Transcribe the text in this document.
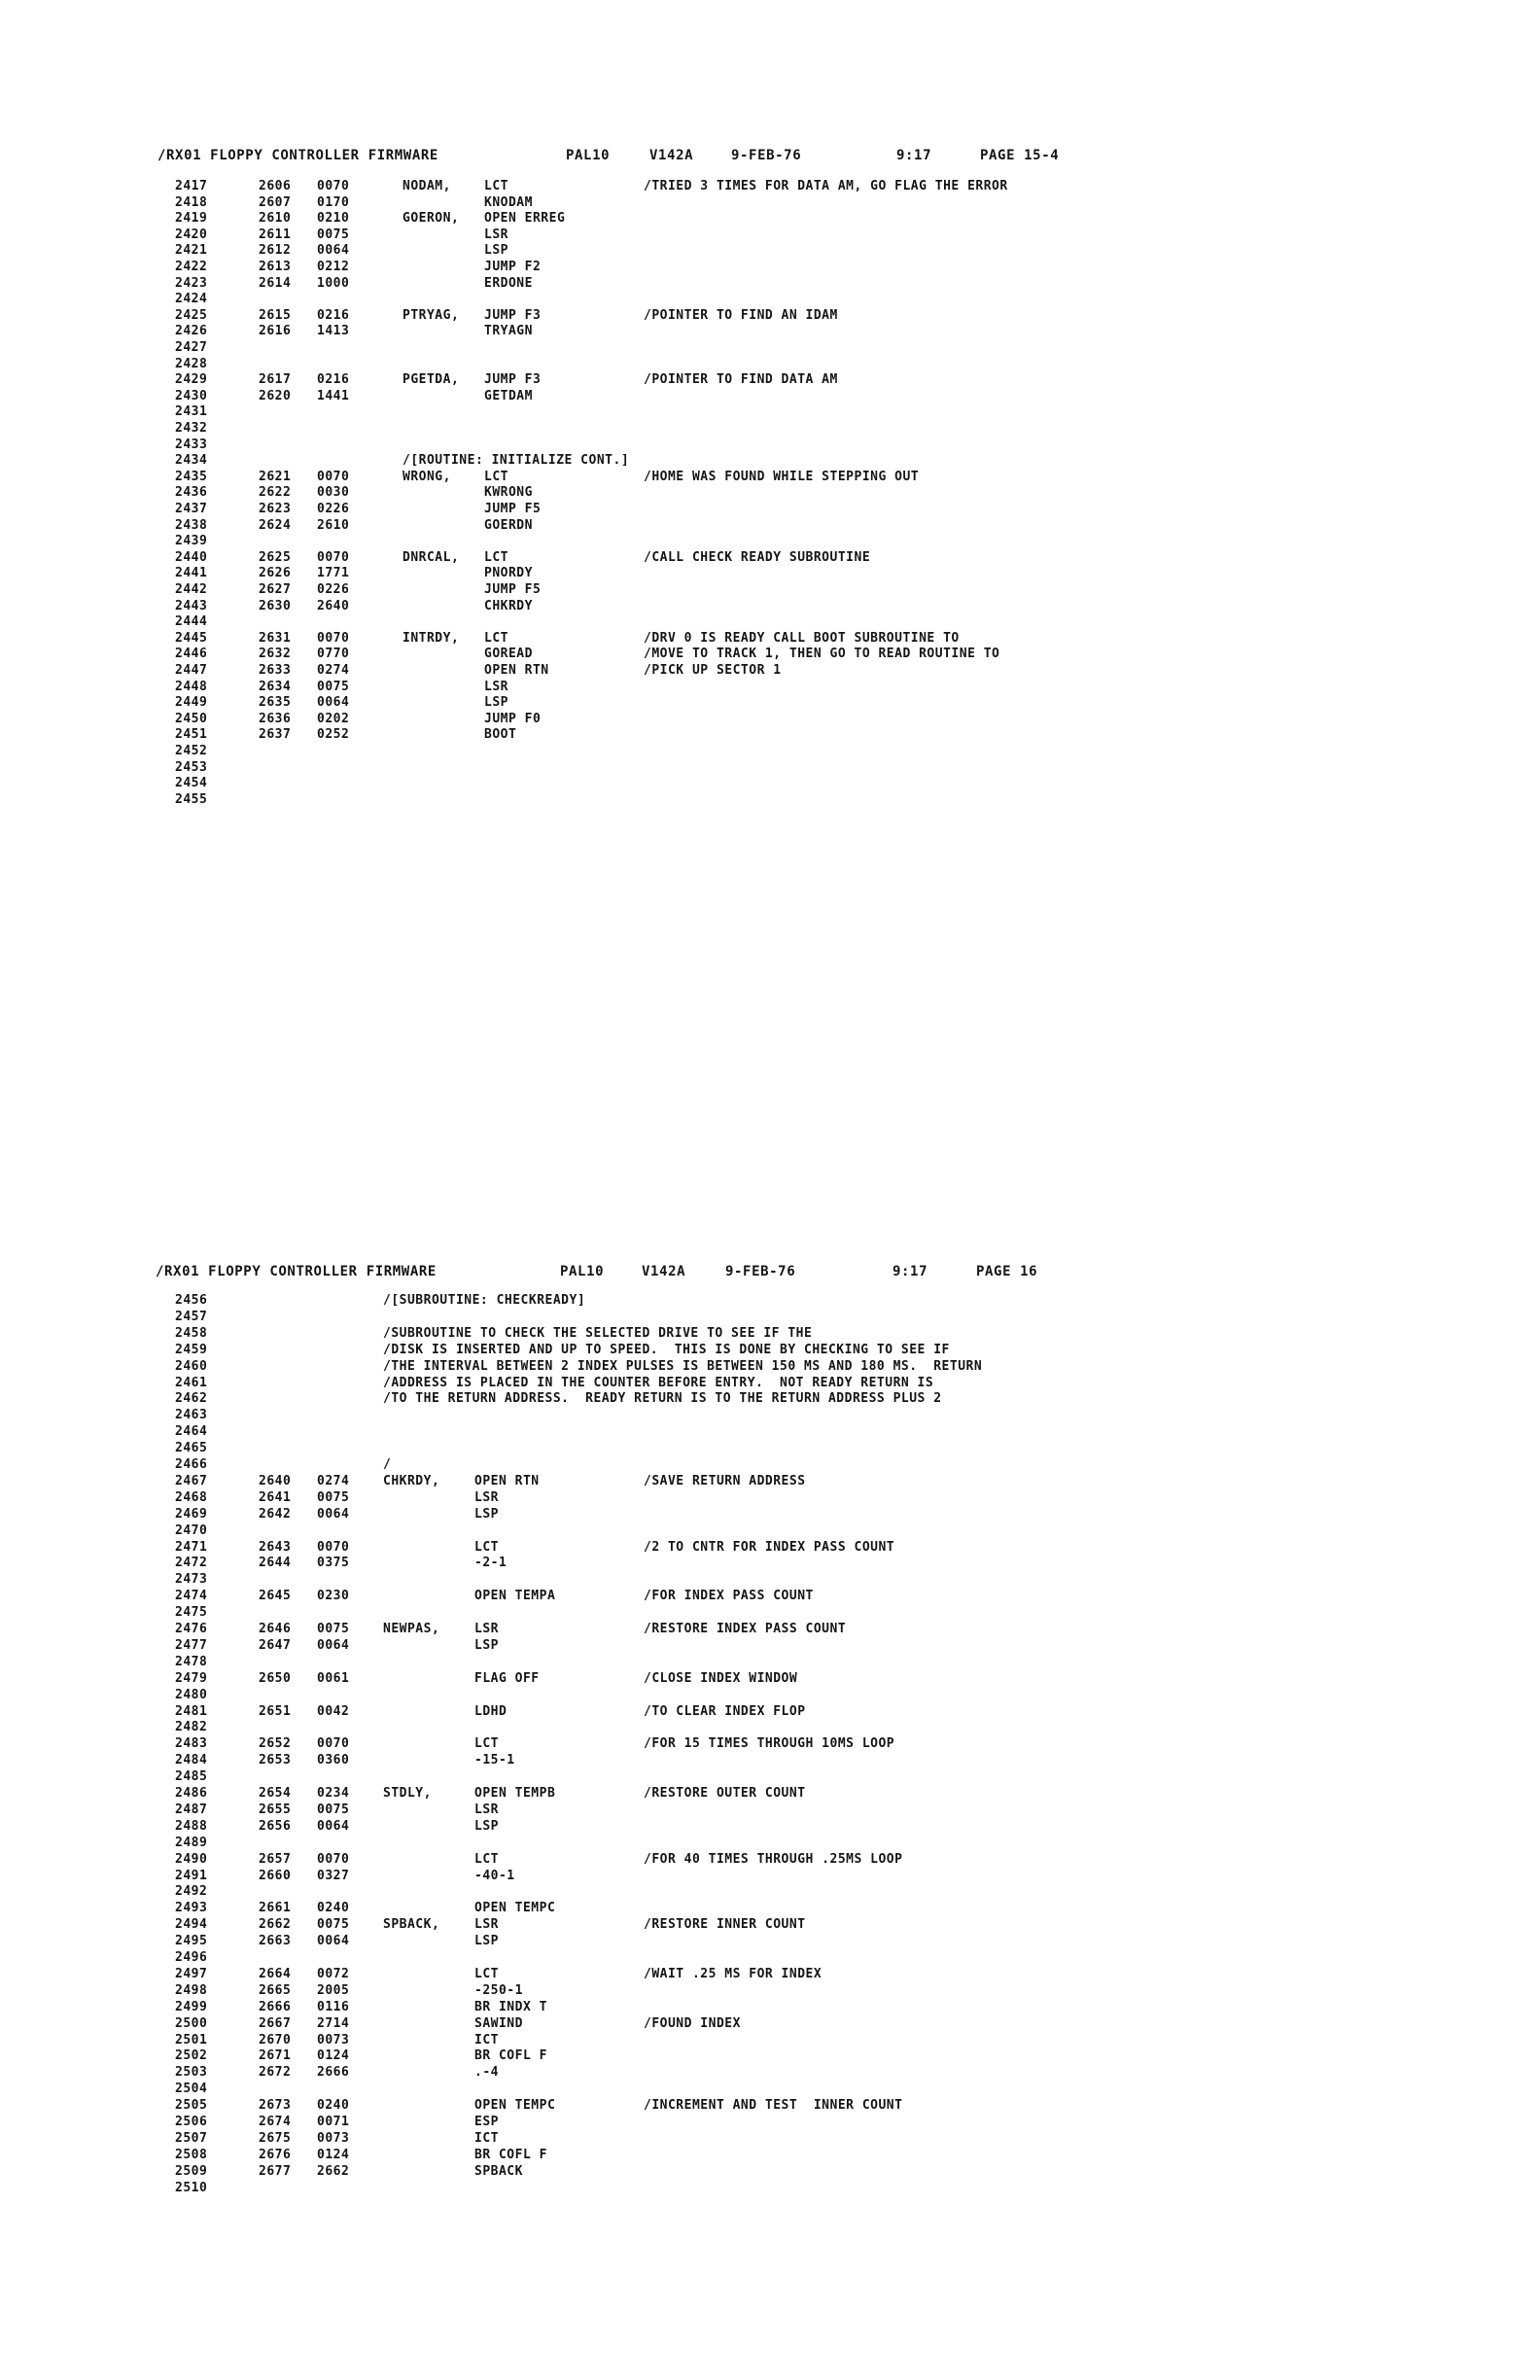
/RX01 FLOPPY CONTROLLER FIRMWARE	PAL10	V142A	9-FEB-76	9:17	PAGE 15-4
2417	2606 0070	NODAM,	LCT	/TRIED 3 TIMES FOR DATA AM, GO FLAG THE ERROR
2418	2607 0170	KNODAM
2419	2610 0210	GOERON, OPEN ERREG
2420	2611 0075	LSR
2421	2612 0064	LSP
2422	2613 0212	JUMP F2
2423	2614 1000	ERDONE
2424
2425	2615 0216	PTRYAG, JUMP F3	/POINTER TO FIND AN IDAM
2426	2616 1413	TRYAGN
2427
2428
2429	2617 0216	PGETDA, JUMP F3	/POINTER TO FIND DATA AM
2430	2620 1441	GETDAM
2431
2432
2433
2434	/[ROUTINE: INITIALIZE CONT.]
2435	2621 0070	WRONG,	LCT	/HOME WAS FOUND WHILE STEPPING OUT
2436	2622 0030	KWRONG
2437	2623 0226	JUMP F5
2438	2624 2610	GOERDN
2439
2440	2625 0070	DNRCAL, LCT	/CALL CHECK READY SUBROUTINE
2441	2626 1771	PNORDY
2442	2627 0226	JUMP F5
2443	2630 2640	CHKRDY
2444
2445	2631 0070	INTRDY, LCT	/DRV 0 IS READY CALL BOOT SUBROUTINE TO
2446	2632 0770	GOREAD	/MOVE TO TRACK 1, THEN GO TO READ ROUTINE TO
2447	2633 0274	OPEN RTN	/PICK UP SECTOR 1
2448	2634 0075	LSR
2449	2635 0064	LSP
2450	2636 0202	JUMP F0
2451	2637 0252	BOOT
2452
2453
2454
2455
/RX01 FLOPPY CONTROLLER FIRMWARE	PAL10	V142A	9-FEB-76	9:17	PAGE 16
2456	/[SUBROUTINE: CHECKREADY]
2457
2458	/SUBROUTINE TO CHECK THE SELECTED DRIVE TO SEE IF THE
2459	/DISK IS INSERTED AND UP TO SPEED.  THIS IS DONE BY CHECKING TO SEE IF
2460	/THE INTERVAL BETWEEN 2 INDEX PULSES IS BETWEEN 150 MS AND 180 MS.  RETURN
2461	/ADDRESS IS PLACED IN THE COUNTER BEFORE ENTRY.  NOT READY RETURN IS
2462	/TO THE RETURN ADDRESS.  READY RETURN IS TO THE RETURN ADDRESS PLUS 2
2463
2464
2465
2466	/
2467	2640 0274	CHKRDY,	OPEN RTN	/SAVE RETURN ADDRESS
2468	2641 0075	LSR
2469	2642 0064	LSP
2470
2471	2643 0070	LCT	/2 TO CNTR FOR INDEX PASS COUNT
2472	2644 0375	-2-1
2473
2474	2645 0230	OPEN TEMPA	/FOR INDEX PASS COUNT
2475
2476	2646 0075	NEWPAS,	LSR	/RESTORE INDEX PASS COUNT
2477	2647 0064	LSP
2478
2479	2650 0061	FLAG OFF	/CLOSE INDEX WINDOW
2480
2481	2651 0042	LDHD	/TO CLEAR INDEX FLOP
2482
2483	2652 0070	LCT	/FOR 15 TIMES THROUGH 10MS LOOP
2484	2653 0360	-15-1
2485
2486	2654 0234	STDLY,	OPEN TEMPB	/RESTORE OUTER COUNT
2487	2655 0075	LSR
2488	2656 0064	LSP
2489
2490	2657 0070	LCT	/FOR 40 TIMES THROUGH .25MS LOOP
2491	2660 0327	-40-1
2492
2493	2661 0240	OPEN TEMPC
2494	2662 0075	SPBACK,	LSR	/RESTORE INNER COUNT
2495	2663 0064	LSP
2496
2497	2664 0072	LCT	/WAIT .25 MS FOR INDEX
2498	2665 2005	-250-1
2499	2666 0116	BR INDX T
2500	2667 2714	SAWIND	/FOUND INDEX
2501	2670 0073	ICT
2502	2671 0124	BR COFL F
2503	2672 2666	.-4
2504
2505	2673 0240	OPEN TEMPC	/INCREMENT AND TEST  INNER COUNT
2506	2674 0071	ESP
2507	2675 0073	ICT
2508	2676 0124	BR COFL F
2509	2677 2662	SPBACK
2510
